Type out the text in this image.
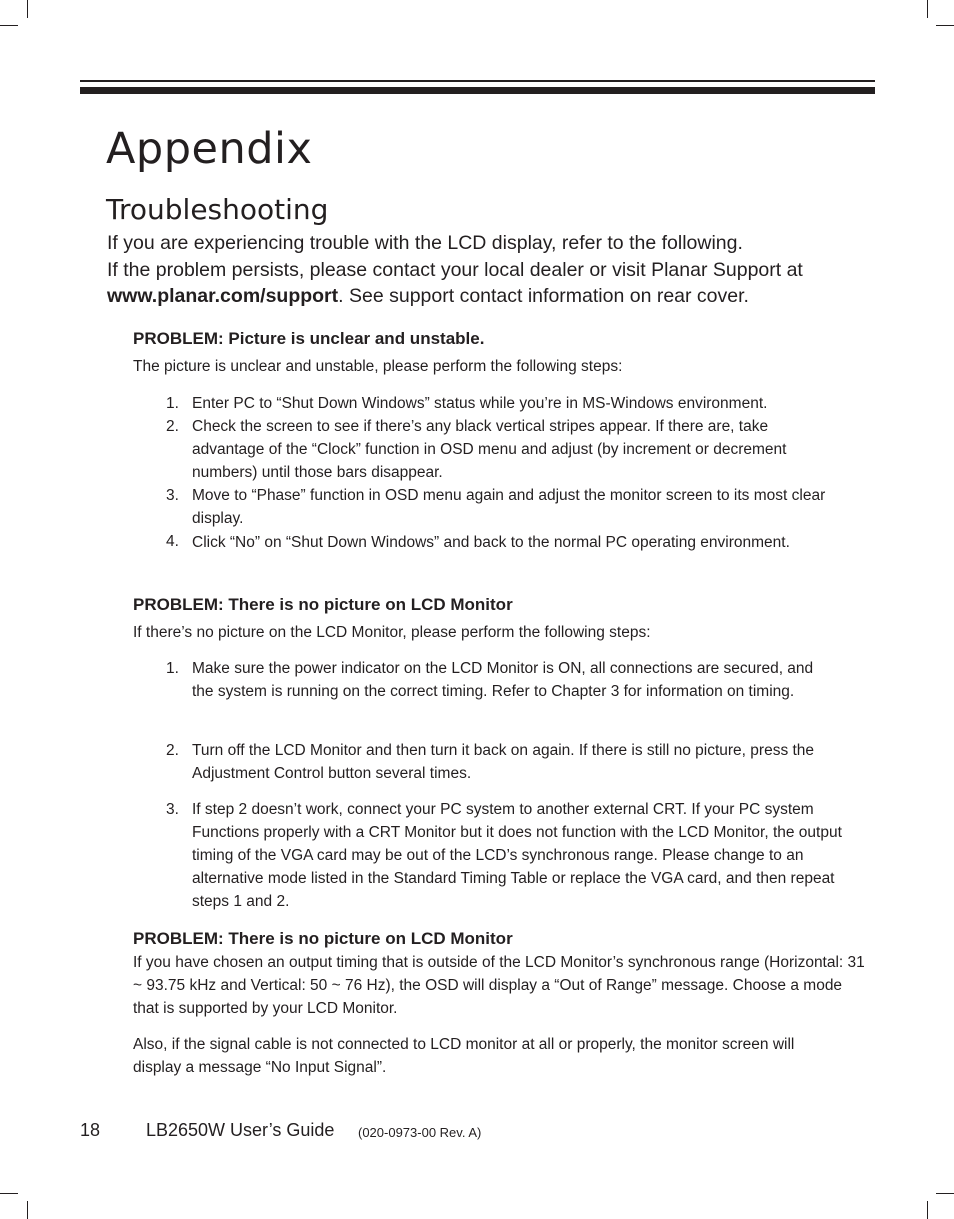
Appendix
Troubleshooting

If you are experiencing trouble with the LCD display, refer to the following.

If the problem persists, please contact your local dealer or visit Planar Support at

www.planar.com/support. See support contact information on rear cover.

PROBLEM: Picture is unclear and unstable.

The picture is unclear and unstable, please perform the following steps:

1. Enter PC to “Shut Down Windows” status while you’re in MS-Windows environment.
2. Check the screen to see if there’s any black vertical stripes appear. If there are, take advantage of the “Clock” function in OSD menu and adjust (by increment or decrement numbers) until those bars disappear.
3. Move to “Phase” function in OSD menu again and adjust the monitor screen to its most clear display.
4. Click “No” on “Shut Down Windows” and back to the normal PC operating environment.

PROBLEM: There is no picture on LCD Monitor

If there’s no picture on the LCD Monitor, please perform the following steps:

1. Make sure the power indicator on the LCD Monitor is ON, all connections are secured, and the system is running on the correct timing. Refer to Chapter 3 for information on timing.
2. Turn off the LCD Monitor and then turn it back on again. If there is still no picture, press the Adjustment Control button several times.
3. If step 2 doesn’t work, connect your PC system to another external CRT. If your PC system Functions properly with a CRT Monitor but it does not function with the LCD Monitor, the output timing of the VGA card may be out of the LCD’s synchronous range. Please change to an alternative mode listed in the Standard Timing Table or replace the VGA card, and then repeat steps 1 and 2.

PROBLEM: There is no picture on LCD Monitor

If you have chosen an output timing that is outside of the LCD Monitor’s synchronous range (Horizontal: 31 ~ 93.75 kHz and Vertical: 50 ~ 76 Hz), the OSD will display a “Out of Range” message. Choose a mode that is supported by your LCD Monitor.

Also, if the signal cable is not connected to LCD monitor at all or properly, the monitor screen will display a message “No Input Signal”.

18	LB2650W User’s Guide (020-0973-00 Rev. A)
